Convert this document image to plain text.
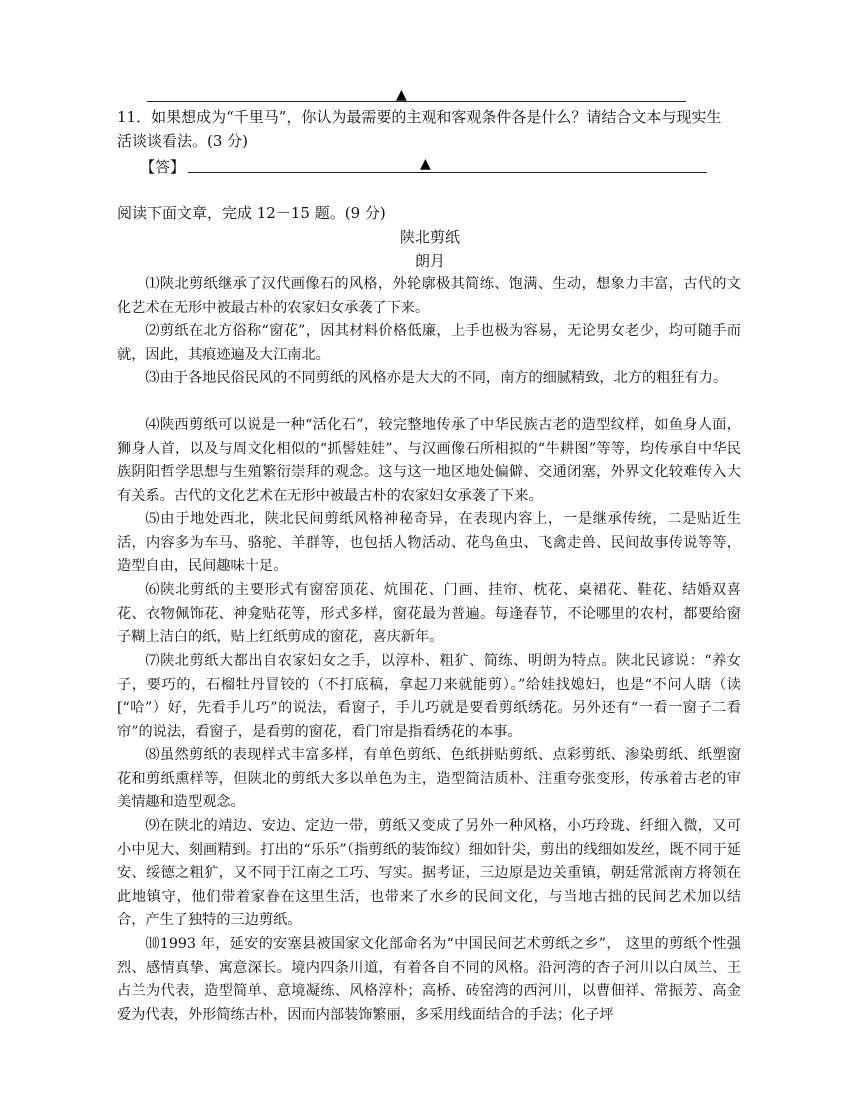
▲
11．如果想成为“千里马”，你认为最需要的主观和客观条件各是什么？请结合文本与现实生
活谈谈看法。(3 分)
【答】	▲
阅读下面文章，完成 12－15 题。(9 分)
陕北剪纸
朗月

⑴陕北剪纸继承了汉代画像石的风格，外轮廓极其简练、饱满、生动，想象力丰富，古代的文化艺术在无形中被最古朴的农家妇女承袭了下来。

⑵剪纸在北方俗称“窗花”，因其材料价格低廉，上手也极为容易，无论男女老少，均可随手而就，因此，其痕迹遍及大江南北。

⑶由于各地民俗民风的不同剪纸的风格亦是大大的不同，南方的细腻精致，北方的粗狂有力。

⑷陕西剪纸可以说是一种“活化石”，较完整地传承了中华民族古老的造型纹样，如鱼身人面，狮身人首，以及与周文化相似的“抓髻娃娃”、与汉画像石所相拟的“牛耕图”等等，均传承自中华民族阴阳哲学思想与生殖繁衍崇拜的观念。这与这一地区地处偏僻、交通闭塞，外界文化较难传入大有关系。古代的文化艺术在无形中被最古朴的农家妇女承袭了下来。

⑸由于地处西北，陕北民间剪纸风格神秘奇异，在表现内容上，一是继承传统，二是贴近生活，内容多为车马、骆驼、羊群等，也包括人物活动、花鸟鱼虫、飞禽走兽、民间故事传说等等，造型自由，民间趣味十足。

⑹陕北剪纸的主要形式有窗窑顶花、炕围花、门画、挂帘、枕花、桌裙花、鞋花、结婚双喜花、衣物佩饰花、神龛贴花等，形式多样，窗花最为普遍。每逢春节，不论哪里的农村，都要给窗子糊上洁白的纸，贴上红纸剪成的窗花，喜庆新年。

⑺陕北剪纸大都出自农家妇女之手，以淳朴、粗犷、简练、明朗为特点。陕北民谚说：“养女子，要巧的，石榴牡丹冒铰的（不打底稿，拿起刀来就能剪）。”给娃找媳妇，也是“不问人瞎（读[“哈”）好，先看手儿巧”的说法，看窗子，手儿巧就是要看剪纸绣花。另外还有“一看一窗子二看帘”的说法，看窗子，是看剪的窗花，看门帘是指看绣花的本事。

⑻虽然剪纸的表现样式丰富多样，有单色剪纸、色纸拼贴剪纸、点彩剪纸、渗染剪纸、纸塑窗花和剪纸熏样等，但陕北的剪纸大多以单色为主，造型简洁质朴、注重夸张变形，传承着古老的审美情趣和造型观念。

⑼在陕北的靖边、安边、定边一带，剪纸又变成了另外一种风格，小巧玲珑、纤细入微，又可小中见大、刻画精到。打出的“乐乐”（指剪纸的装饰纹）细如针尖，剪出的线细如发丝，既不同于延安、绥德之粗犷，又不同于江南之工巧、写实。据考证，三边原是边关重镇，朝廷常派南方将领在此地镇守，他们带着家眷在这里生活，也带来了水乡的民间文化，与当地古拙的民间艺术加以结合，产生了独特的三边剪纸。

⑽1993 年，延安的安塞县被国家文化部命名为“中国民间艺术剪纸之乡”， 这里的剪纸个性强烈、感情真挚、寓意深长。境内四条川道，有着各自不同的风格。沿河湾的杏子河川以白凤兰、王占兰为代表，造型简单、意境凝练、风格淳朴；高桥、砖窑湾的西河川，以曹佃祥、常振芳、高金爱为代表，外形简练古朴，因而内部装饰繁丽，多采用线面结合的手法；化子坪
